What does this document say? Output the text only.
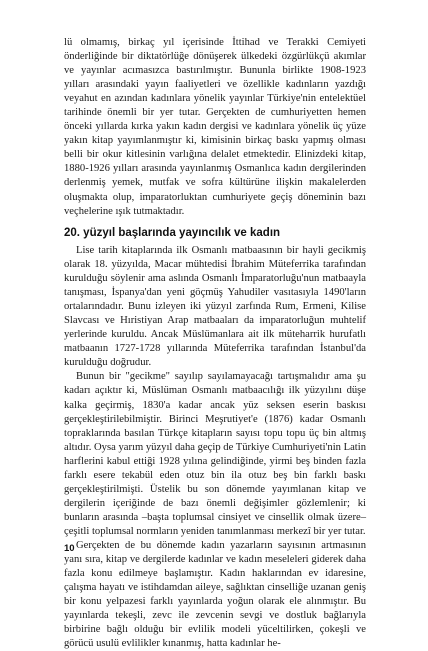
lü olmamış, birkaç yıl içerisinde İttihad ve Terakki Cemiyeti önderliğinde bir diktatörlüğe dönüşerek ülkedeki özgürlükçü akımlar ve yayınlar acımasızca bastırılmıştır. Bununla birlikte 1908-1923 yılları arasındaki yayın faaliyetleri ve özellikle kadınların yazdığı veyahut en azından kadınlara yönelik yayınlar Türkiye'nin entelektüel tarihinde önemli bir yer tutar. Gerçekten de cumhuriyetten hemen önceki yıllarda kırka yakın kadın dergisi ve kadınlara yönelik üç yüze yakın kitap yayımlanmıştır ki, kimisinin birkaç baskı yapmış olması belli bir okur kitlesinin varlığına delalet etmektedir. Elinizdeki kitap, 1880-1926 yılları arasında yayınlanmış Osmanlıca kadın dergilerinden derlenmiş yemek, mutfak ve sofra kültürüne ilişkin makalelerden oluşmakta olup, imparatorluktan cumhuriyete geçiş döneminin bazı veçhelerine ışık tutmaktadır.

20. yüzyıl başlarında yayıncılık ve kadın

Lise tarih kitaplarında ilk Osmanlı matbaasının bir hayli gecikmiş olarak 18. yüzyılda, Macar mühtedisi İbrahim Müteferrika tarafından kurulduğu söylenir ama aslında Osmanlı İmparatorluğu'nun matbaayla tanışması, İspanya'dan yeni göçmüş Yahudiler vasıtasıyla 1490'ların ortalarındadır. Bunu izleyen iki yüzyıl zarfında Rum, Ermeni, Kilise Slavcası ve Hıristiyan Arap matbaaları da imparatorluğun muhtelif yerlerinde kuruldu. Ancak Müslümanlara ait ilk müteharrik hurufatlı matbaanın 1727-1728 yıllarında Müteferrika tarafından İstanbul'da kurulduğu doğrudur.

Bunun bir "gecikme" sayılıp sayılamayacağı tartışmalıdır ama şu kadarı açıktır ki, Müslüman Osmanlı matbaacılığı ilk yüzyılını düşe kalka geçirmiş, 1830'a kadar ancak yüz seksen eserin baskısı gerçekleştirilebilmiştir. Birinci Meşrutiyet'e (1876) kadar Osmanlı topraklarında basılan Türkçe kitapların sayısı topu topu üç bin altmış altıdır. Oysa yarım yüzyıl daha geçip de Türkiye Cumhuriyeti'nin Latin harflerini kabul ettiği 1928 yılına gelindiğinde, yirmi beş binden fazla farklı esere tekabül eden otuz bin ila otuz beş bin farklı baskı gerçekleştirilmişti. Üstelik bu son dönemde yayımlanan kitap ve dergilerin içeriğinde de bazı önemli değişimler gözlemlenir; ki bunların arasında –başta toplumsal cinsiyet ve cinsellik olmak üzere– çeşitli toplumsal normların yeniden tanımlanması merkezî bir yer tutar.

Gerçekten de bu dönemde kadın yazarların sayısının artmasının yanı sıra, kitap ve dergilerde kadınlar ve kadın meseleleri giderek daha fazla konu edilmeye başlamıştır. Kadın haklarından ev idaresine, çalışma hayatı ve istihdamdan aileye, sağlıktan cinselliğe uzanan geniş bir konu yelpazesi farklı yayınlarda yoğun olarak ele alınmıştır. Bu yayınlarda tekeşli, zevc ile zevcenin sevgi ve dostluk bağlarıyla birbirine bağlı olduğu bir evlilik modeli yüceltilirken, çokeşli ve görücü usulü evlilikler kınanmış, hatta kadınlar he-

10
